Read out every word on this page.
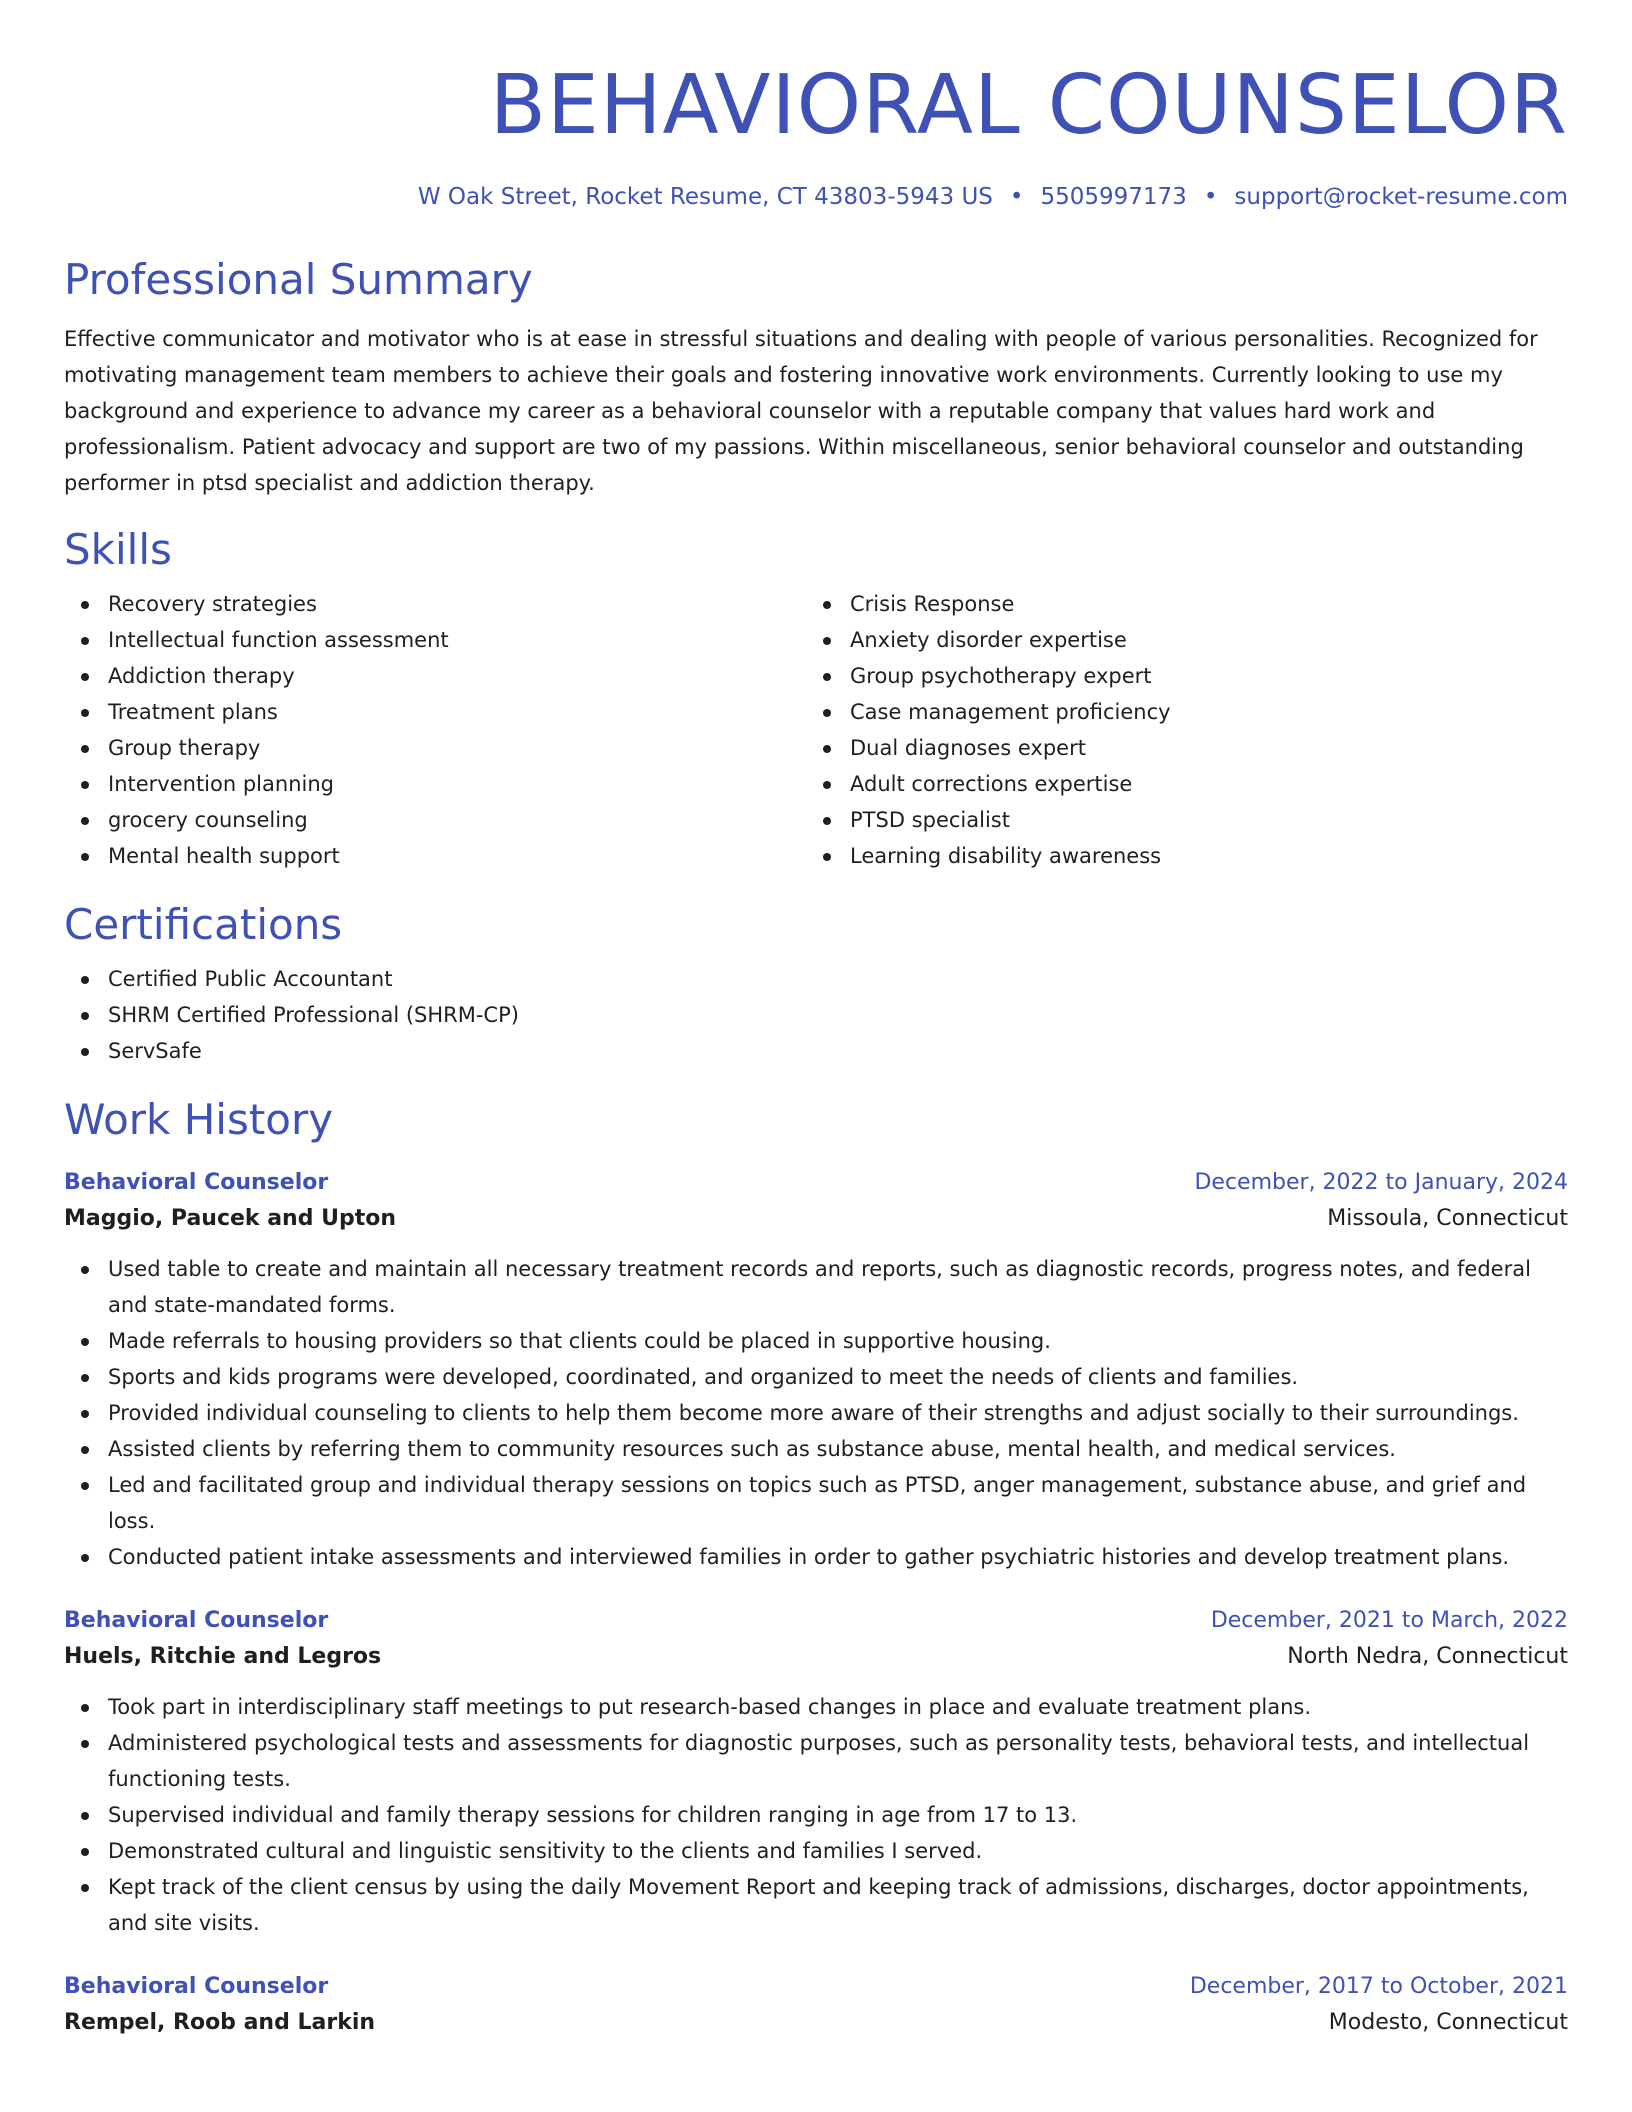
BEHAVIORAL COUNSELOR
W Oak Street, Rocket Resume, CT 43803-5943 US • 5505997173 • support@rocket-resume.com
Professional Summary

Effective communicator and motivator who is at ease in stressful situations and dealing with people of various personalities. Recognized for motivating management team members to achieve their goals and fostering innovative work environments. Currently looking to use my background and experience to advance my career as a behavioral counselor with a reputable company that values hard work and professionalism. Patient advocacy and support are two of my passions. Within miscellaneous, senior behavioral counselor and outstanding performer in ptsd specialist and addiction therapy.

Skills
Recovery strategies
Intellectual function assessment
Addiction therapy
Treatment plans
Group therapy
Intervention planning
grocery counseling
Mental health support
Crisis Response
Anxiety disorder expertise
Group psychotherapy expert
Case management proficiency
Dual diagnoses expert
Adult corrections expertise
PTSD specialist
Learning disability awareness
Certifications
Certified Public Accountant
SHRM Certified Professional (SHRM-CP)
ServSafe
Work History
Behavioral Counselor	December, 2022 to January, 2024
Maggio, Paucek and Upton	Missoula, Connecticut
Used table to create and maintain all necessary treatment records and reports, such as diagnostic records, progress notes, and federal and state-mandated forms.
Made referrals to housing providers so that clients could be placed in supportive housing.
Sports and kids programs were developed, coordinated, and organized to meet the needs of clients and families.
Provided individual counseling to clients to help them become more aware of their strengths and adjust socially to their surroundings.
Assisted clients by referring them to community resources such as substance abuse, mental health, and medical services.
Led and facilitated group and individual therapy sessions on topics such as PTSD, anger management, substance abuse, and grief and loss.
Conducted patient intake assessments and interviewed families in order to gather psychiatric histories and develop treatment plans.
Behavioral Counselor	December, 2021 to March, 2022
Huels, Ritchie and Legros	North Nedra, Connecticut
Took part in interdisciplinary staff meetings to put research-based changes in place and evaluate treatment plans.
Administered psychological tests and assessments for diagnostic purposes, such as personality tests, behavioral tests, and intellectual functioning tests.
Supervised individual and family therapy sessions for children ranging in age from 17 to 13.
Demonstrated cultural and linguistic sensitivity to the clients and families I served.
Kept track of the client census by using the daily Movement Report and keeping track of admissions, discharges, doctor appointments, and site visits.
Behavioral Counselor	December, 2017 to October, 2021
Rempel, Roob and Larkin	Modesto, Connecticut
